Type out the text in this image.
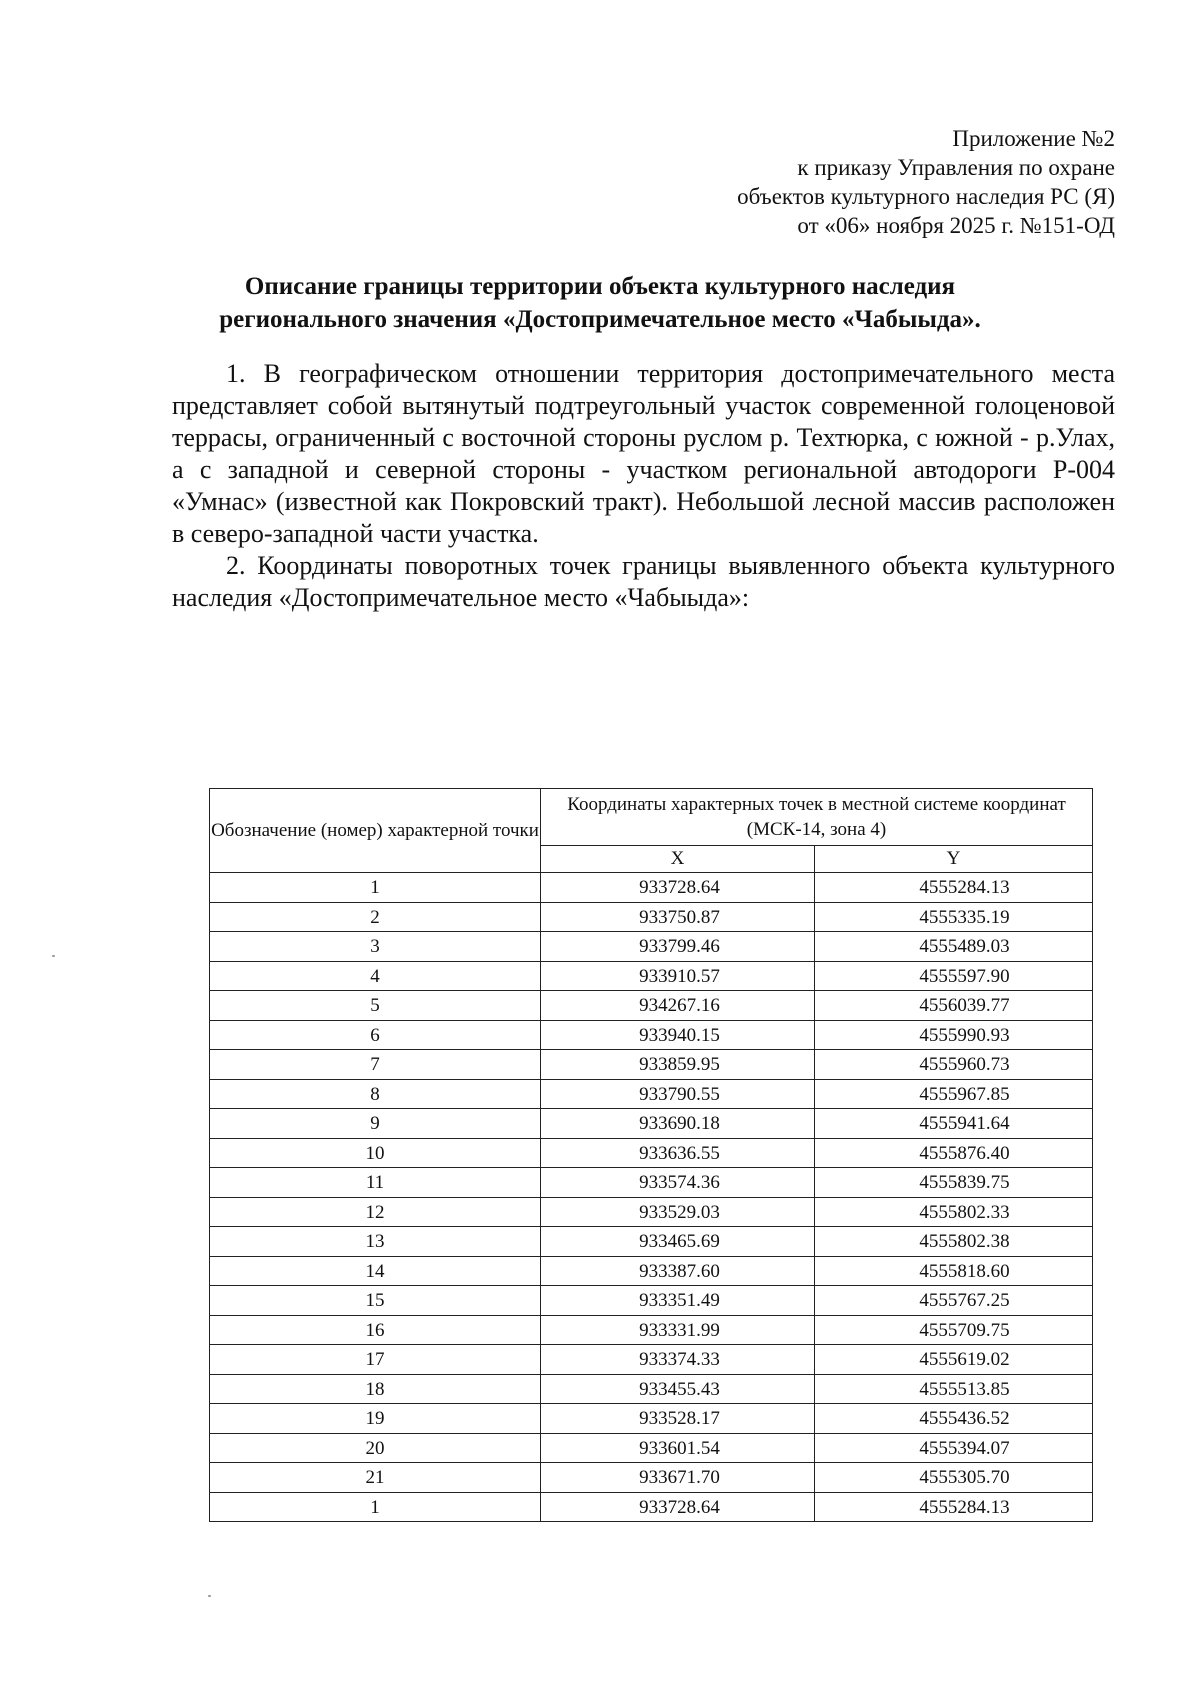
Приложение №2
к приказу Управления по охране
объектов культурного наследия РС (Я)
от «06» ноября 2025 г. №151-ОД
Описание границы территории объекта культурного наследия
регионального значения «Достопримечательное место «Чабыыда».

1. В географическом отношении территория достопримечательного места представляет собой вытянутый подтреугольный участок современной голоценовой террасы, ограниченный с восточной стороны руслом р. Техтюрка, с южной - р.Улах, а с западной и северной стороны - участком региональной автодороги Р-004 «Умнас» (известной как Покровский тракт). Небольшой лесной массив расположен в северо-западной части участка.

2. Координаты поворотных точек границы выявленного объекта культурного наследия «Достопримечательное место «Чабыыда»:

Обозначение (номер) характерной точки	Координаты характерных точек в местной системе координат (МСК-14, зона 4)	
	X	Y
1	933728.64	4555284.13
2	933750.87	4555335.19
3	933799.46	4555489.03
4	933910.57	4555597.90
5	934267.16	4556039.77
6	933940.15	4555990.93
7	933859.95	4555960.73
8	933790.55	4555967.85
9	933690.18	4555941.64
10	933636.55	4555876.40
11	933574.36	4555839.75
12	933529.03	4555802.33
13	933465.69	4555802.38
14	933387.60	4555818.60
15	933351.49	4555767.25
16	933331.99	4555709.75
17	933374.33	4555619.02
18	933455.43	4555513.85
19	933528.17	4555436.52
20	933601.54	4555394.07
21	933671.70	4555305.70
1	933728.64	4555284.13
